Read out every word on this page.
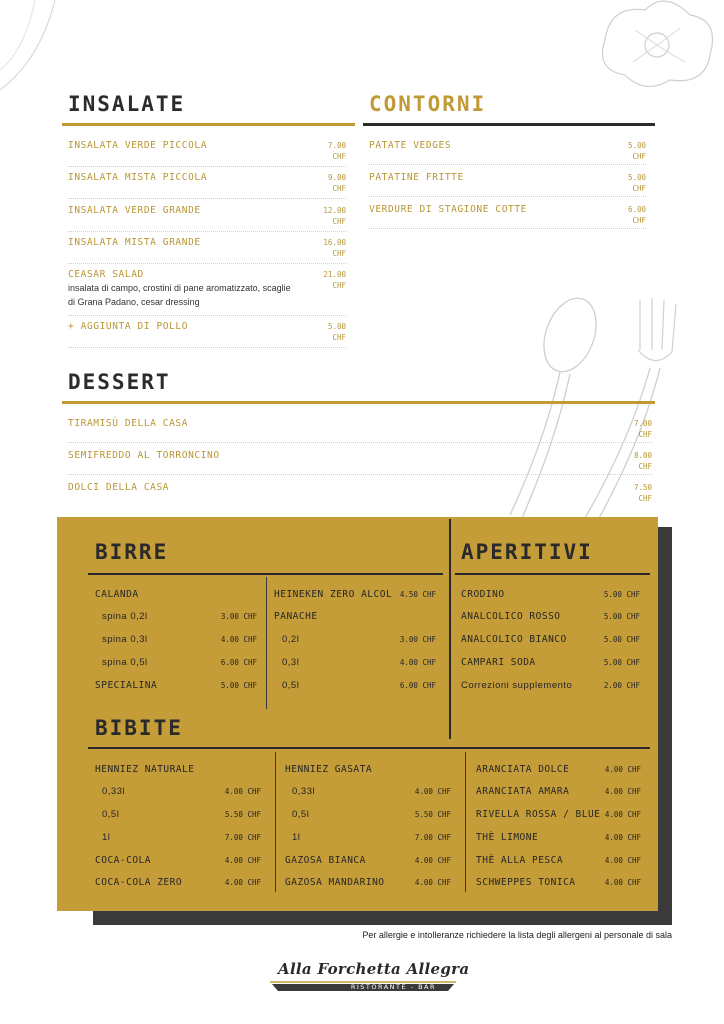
INSALATE
INSALATA VERDE PICCOLA	7.00
CHF
INSALATA MISTA PICCOLA	9.00
CHF
INSALATA VERDE GRANDE	12.00
CHF
INSALATA MISTA GRANDE	16.00
CHF
CEASAR SALAD
insalata di campo, crostini di pane aromatizzato, scaglie di Grana Padano, cesar dressing
21.00
CHF
+ AGGIUNTA DI POLLO	5.00
CHF
CONTORNI
PATATE VEDGES	5.00
CHF
PATATINE FRITTE	5.00
CHF
VERDURE DI STAGIONE COTTE	6.00
CHF
DESSERT
TIRAMISÙ DELLA CASA	7.00
CHF
SEMIFREDDO AL TORRONCINO	8.00
CHF
DOLCI DELLA CASA	7.50
CHF
BIRRE	APERITIVI
CALANDA
spina 0,2l	3.00 CHF
spina 0,3l	4.00 CHF
spina 0,5l	6.00 CHF
SPECIALINA	5.00 CHF
HEINEKEN ZERO ALCOL 4.50 CHF
PANACHE
0,2l	3.00 CHF
0,3l	4.00 CHF
0,5l	6.00 CHF
CRODINO	5.00 CHF
ANALCOLICO ROSSO	5.00 CHF
ANALCOLICO BIANCO	5.00 CHF
CAMPARI SODA	5.00 CHF
Correzioni supplemento	2.00 CHF
BIBITE
HENNIEZ NATURALE
0,33l	4.00 CHF
0,5l	5.50 CHF
1l	7.00 CHF
COCA-COLA	4.00 CHF
COCA-COLA ZERO	4.00 CHF
HENNIEZ GASATA
0,33l	4.00 CHF
0,5l	5.50 CHF
1l	7.00 CHF
GAZOSA BIANCA	4.00 CHF
GAZOSA MANDARINO	4.00 CHF
ARANCIATA DOLCE	4.00 CHF
ARANCIATA AMARA	4.00 CHF
RIVELLA ROSSA / BLUE 4.00 CHF
THÈ LIMONE	4.00 CHF
THÈ ALLA PESCA	4.00 CHF
SCHWEPPES TONICA	4.00 CHF
Per allergie e intolleranze richiedere la lista degli allergeni al personale di sala
Alla Forchetta Allegra
RISTORANTE - BAR
